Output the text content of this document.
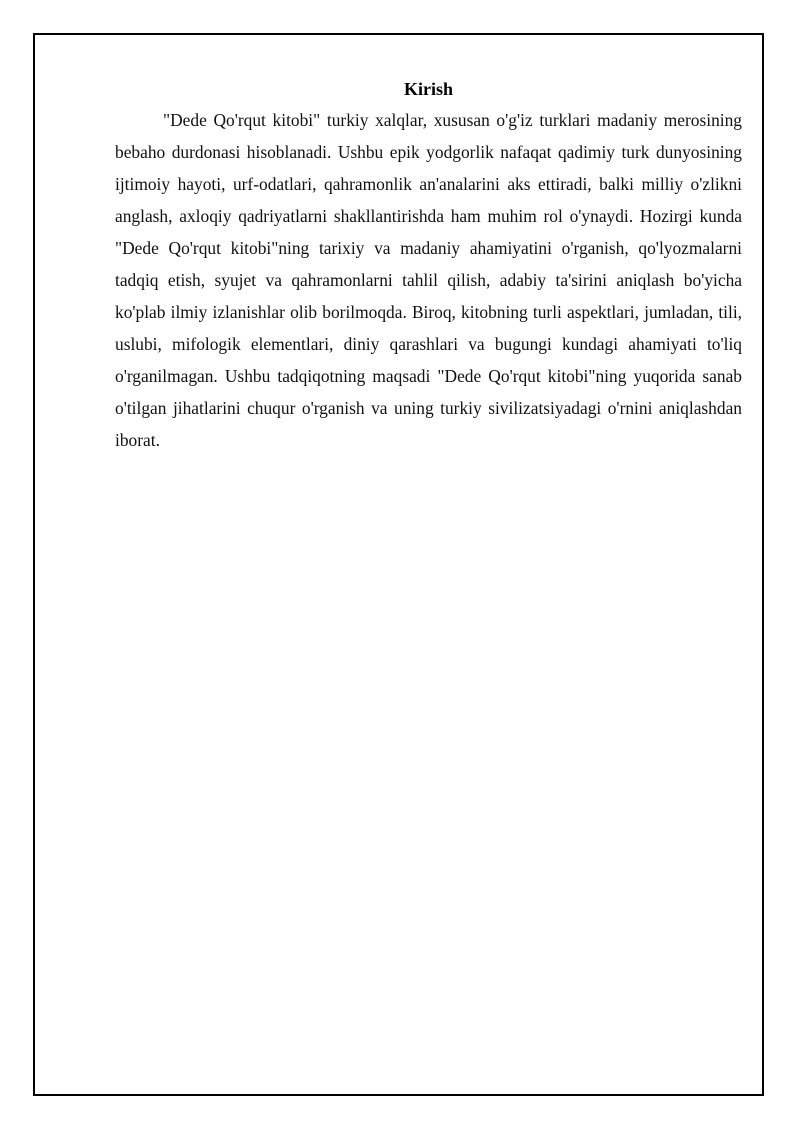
Kirish

"Dede Qo'rqut kitobi" turkiy xalqlar, xususan o'g'iz turklari madaniy merosining bebaho durdonasi hisoblanadi. Ushbu epik yodgorlik nafaqat qadimiy turk dunyosining ijtimoiy hayoti, urf-odatlari, qahramonlik an'analarini aks ettiradi, balki milliy o'zlikni anglash, axloqiy qadriyatlarni shakllantirishda ham muhim rol o'ynaydi. Hozirgi kunda "Dede Qo'rqut kitobi"ning tarixiy va madaniy ahamiyatini o'rganish, qo'lyozmalarni tadqiq etish, syujet va qahramonlarni tahlil qilish, adabiy ta'sirini aniqlash bo'yicha ko'plab ilmiy izlanishlar olib borilmoqda. Biroq, kitobning turli aspektlari, jumladan, tili, uslubi, mifologik elementlari, diniy qarashlari va bugungi kundagi ahamiyati to'liq o'rganilmagan. Ushbu tadqiqotning maqsadi "Dede Qo'rqut kitobi"ning yuqorida sanab o'tilgan jihatlarini chuqur o'rganish va uning turkiy sivilizatsiyadagi o'rnini aniqlashdan iborat.
